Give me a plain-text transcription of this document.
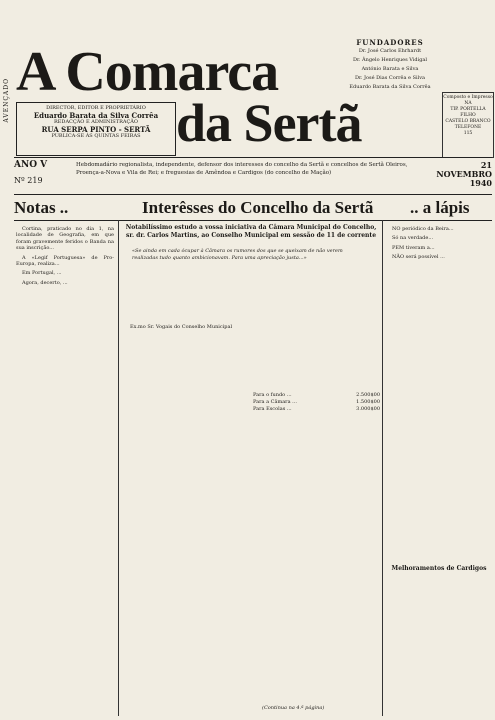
AVENÇADO A Comarca
da Sertã
DIRECTOR, EDITOR E PROPRIETÁRIO
Eduardo Barata da Silva Corrêa
REDACÇÃO E ADMINISTRAÇÃO
RUA SERPA PINTO - SERTÃ
PUBLICA-SE ÀS QUINTAS FEIRAS
FUNDADORES
Dr. José Carlos Ehrhardt
Dr. Ângelo Henriques Vidigal
António Barata e Silva
Dr. José Dias Corrêa e Silva
Eduardo Barata da Silva Corrêa
Composto e Impresso
NA
TIP. PORTELLA FILHO
CASTELO BRANCO
TELEFONE
115
ANO V
Nº 219
Hebdomadário regionalista, independente, defensor dos interesses do concelho da Sertã e concelhos de Sertã Oleiros, Proença-a-Nova e Vila de Rei; e freguesias de Amêndoa e Cardigos (do concelho de Mação)
21
NOVEMBRO
1940
Notas ..	Interêsses do Concelho da Sertã .. a lápis

Cortina, praticado no dia 1, na localidade de Geografia, em que foram gravemente feridos o Banda na sua inscrição...

A «Legif Portuguesa» de Pro- Europa, realiza...

Em Portugal, ...

Agora, decerto, ...

Notabilíssimo estudo a vossa iniciativa da Câmara Municipal do Concelho, sr. dr. Carlos Martins, ao Conselho Municipal em sessão de 11 de corrente
«Se ainda em cada ócupar à Câmara os rumores dos que se queixam de não verem realizadas tudo quanto ambicionavam. Para uma apreciação justa...»

Ex.mo Sr. Vogais do Conselho Municipal

Para o fundo ...	2.500$00
Para a Câmara ...	1.500$00
Para Escolas ...	3.000$00
(Continua na 4.ª página)

NO periódico da Beira...

Só na verdade...

PEM tiveram a...

NÃO será possível ...

Melhoramentos de Cardigos
